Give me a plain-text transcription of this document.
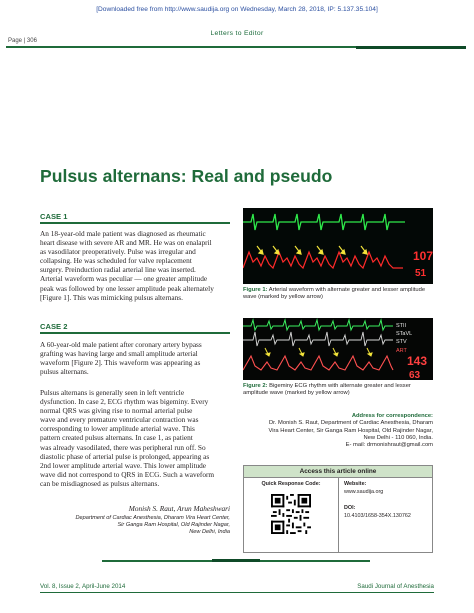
[Downloaded free from http://www.saudija.org on Wednesday, March 28, 2018, IP: 5.137.35.104]
Letters to Editor
Page | 306
Pulsus alternans: Real and pseudo
CASE 1
An 18-year-old male patient was diagnosed as rheumatic
heart disease with severe AR and MR. He was on enalapril
as vasodilator preoperatively. Pulse was irregular and
collapsing. He was scheduled for valve replacement
surgery. Preinduction radial arterial line was inserted.
Arterial waveform was peculiar — one greater amplitude
peak was followed by one lesser amplitude peak alternately
[Figure 1]. This was mimicking pulsus alternans.
CASE 2
A 60-year-old male patient after coronary artery bypass
grafting was having large and small amplitude arterial
waveform [Figure 2]. This waveform was appearing as
pulsus alternans.
Pulsus alternans is generally seen in left ventricle
dysfunction. In case 2, ECG rhythm was bigeminy. Every
normal QRS was giving rise to normal arterial pulse
wave and every premature ventricular contraction was
corresponding to lower amplitude arterial wave. This
pattern created pulsus alternans. In case 1, as patient
was already vasodilated, there was peripheral run off. So
diastolic phase of arterial pulse is prolonged, appearing as
2nd lower amplitude arterial wave. This lower amplitude
wave did not correspond to QRS in ECG. Such a waveform
can be misdiagnosed as pulsus alternans.
Monish S. Raut, Arun Maheshwari
Department of Cardiac Anesthesia, Dharam Vira Heart Center,
Sir Ganga Ram Hospital, Old Rajinder Nagar,
New Delhi, India
107
51
Figure 1: Arterial waveform with alternate greater and lesser amplitude wave (marked by yellow arrow)
STII
STaVL
STV
ART
143
63
Figure 2: Bigeminy ECG rhythm with alternate greater and lesser amplitude wave (marked by yellow arrow)
Address for correspondence:
Dr. Monish S. Raut, Department of Cardiac Anesthesia, Dharam
Vira Heart Center, Sir Ganga Ram Hospital, Old Rajinder Nagar,
New Delhi - 110 060, India.
E- mail: drmonishraut@gmail.com
Access this article online
Quick Response Code:	Website:
www.saudija.org
DOI:
10.4103/1658-354X.130762
Vol. 8, Issue 2, April-June 2014	Saudi Journal of Anesthesia
